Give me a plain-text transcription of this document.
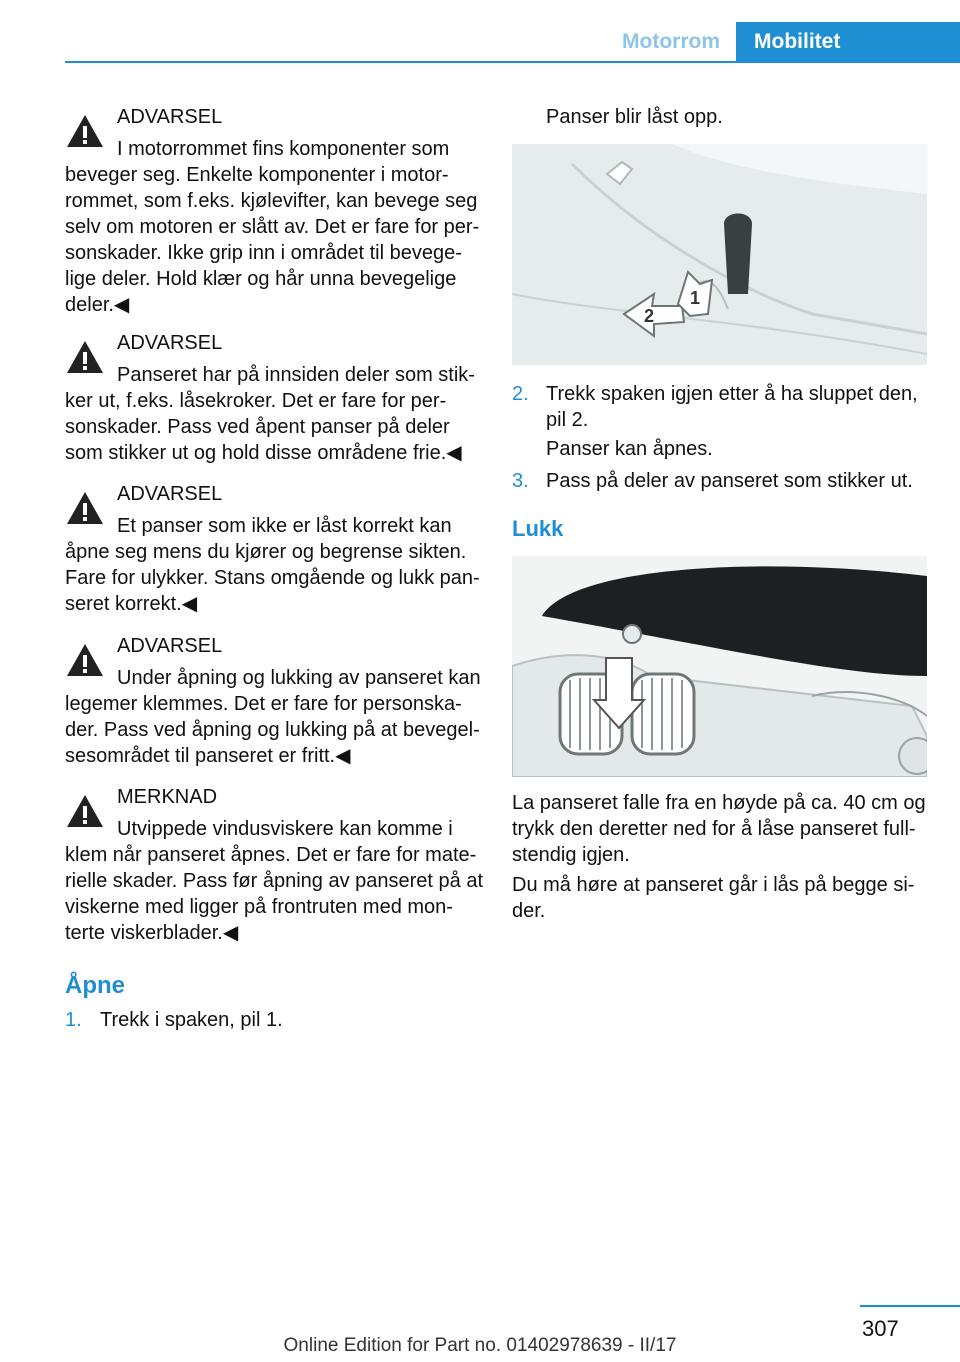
Motorrom	Mobilitet

ADVARSEL

I motorrommet fins komponenter som

beveger seg. Enkelte komponenter i motor-
rommet, som f.eks. kjølevifter, kan bevege seg
selv om motoren er slått av. Det er fare for per-
sonskader. Ikke grip inn i området til bevege-
lige deler. Hold klær og hår unna bevegelige
deler.◀

ADVARSEL

Panseret har på innsiden deler som stik-

ker ut, f.eks. låsekroker. Det er fare for per-
sonskader. Pass ved åpent panser på deler
som stikker ut og hold disse områdene frie.◀

ADVARSEL

Et panser som ikke er låst korrekt kan

åpne seg mens du kjører og begrense sikten.
Fare for ulykker. Stans omgående og lukk pan-
seret korrekt.◀

ADVARSEL

Under åpning og lukking av panseret kan

legemer klemmes. Det er fare for personska-
der. Pass ved åpning og lukking på at bevegel-
sesområdet til panseret er fritt.◀

MERKNAD

Utvippede vindusviskere kan komme i

klem når panseret åpnes. Det er fare for mate-
rielle skader. Pass før åpning av panseret på at
viskerne med ligger på frontruten med mon-
terte viskerblader.◀

Åpne
1. Trekk i spaken, pil 1.

Panser blir låst opp.

2
1
2. Trekk spaken igjen etter å ha sluppet den,
pil 2.

Panser kan åpnes.

3. Pass på deler av panseret som stikker ut.

Lukk

La panseret falle fra en høyde på ca. 40 cm og
trykk den deretter ned for å låse panseret full-
stendig igjen.

Du må høre at panseret går i lås på begge si-
der.

307
Online Edition for Part no. 01402978639 - II/17
